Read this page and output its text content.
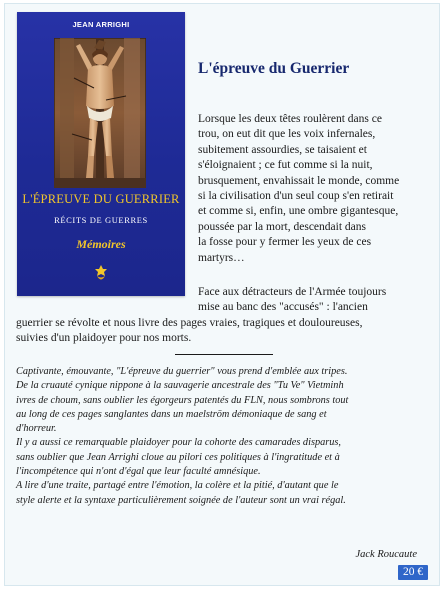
JEAN ARRIGHI
L'ÉPREUVE DU GUERRIER
RÉCITS DE GUERRES
Mémoires
L'épreuve du Guerrier

Lorsque les deux têtes roulèrent dans ce
trou, on eut dit que les voix infernales,
subitement assourdies, se taisaient et
s'éloignaient ; ce fut comme si la nuit,
brusquement, envahissait le monde, comme
si la civilisation d'un seul coup s'en retirait
et comme si, enfin, une ombre gigantesque,
poussée par la mort, descendait dans
la fosse pour y fermer les yeux de ces
martyrs…

Face aux détracteurs de l'Armée toujours
mise au banc des "accusés" : l'ancien

guerrier se révolte et nous livre des pages vraies, tragiques et douloureuses,
suivies d'un plaidoyer pour nos morts.

Captivante, émouvante, "L'épreuve du guerrier" vous prend d'emblée aux tripes.

De la cruauté cynique nippone à la sauvagerie ancestrale des "Tu Ve" Vietminh
ivres de choum, sans oublier les égorgeurs patentés du FLN, nous sombrons tout
au long de ces pages sanglantes dans un maelström démoniaque de sang et
d'horreur.

Il y a aussi ce remarquable plaidoyer pour la cohorte des camarades disparus,
sans oublier que Jean Arrighi cloue au pilori ces politiques à l'ingratitude et à
l'incompétence qui n'ont d'égal que leur faculté amnésique.

A lire d'une traite, partagé entre l'émotion, la colère et la pitié, d'autant que le
style alerte et la syntaxe particulièrement soignée de l'auteur sont un vrai régal.

Jack Roucaute
20 €
